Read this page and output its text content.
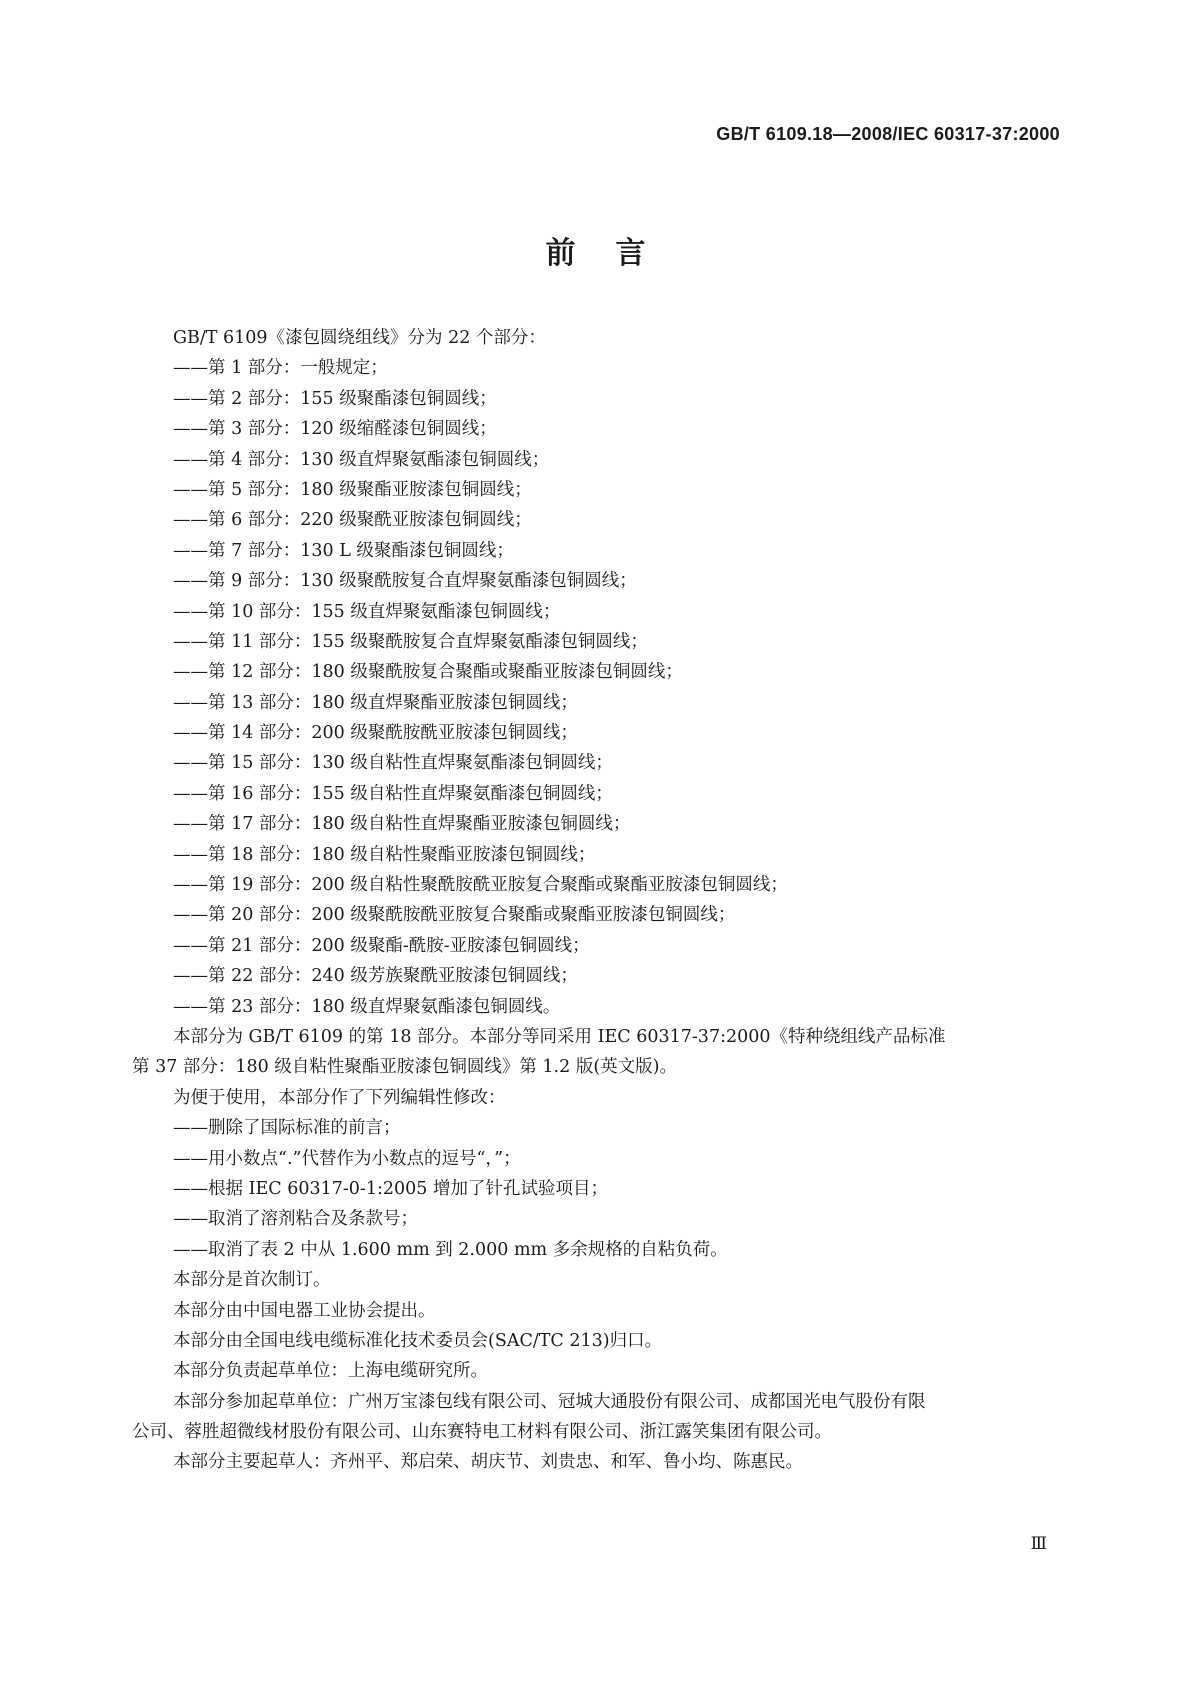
GB/T 6109.18—2008/IEC 60317-37:2000
前言
GB/T 6109《漆包圆绕组线》分为 22 个部分：
——第 1 部分：一般规定；
——第 2 部分：155 级聚酯漆包铜圆线；
——第 3 部分：120 级缩醛漆包铜圆线；
——第 4 部分：130 级直焊聚氨酯漆包铜圆线；
——第 5 部分：180 级聚酯亚胺漆包铜圆线；
——第 6 部分：220 级聚酰亚胺漆包铜圆线；
——第 7 部分：130 L 级聚酯漆包铜圆线；
——第 9 部分：130 级聚酰胺复合直焊聚氨酯漆包铜圆线；
——第 10 部分：155 级直焊聚氨酯漆包铜圆线；
——第 11 部分：155 级聚酰胺复合直焊聚氨酯漆包铜圆线；
——第 12 部分：180 级聚酰胺复合聚酯或聚酯亚胺漆包铜圆线；
——第 13 部分：180 级直焊聚酯亚胺漆包铜圆线；
——第 14 部分：200 级聚酰胺酰亚胺漆包铜圆线；
——第 15 部分：130 级自粘性直焊聚氨酯漆包铜圆线；
——第 16 部分：155 级自粘性直焊聚氨酯漆包铜圆线；
——第 17 部分：180 级自粘性直焊聚酯亚胺漆包铜圆线；
——第 18 部分：180 级自粘性聚酯亚胺漆包铜圆线；
——第 19 部分：200 级自粘性聚酰胺酰亚胺复合聚酯或聚酯亚胺漆包铜圆线；
——第 20 部分：200 级聚酰胺酰亚胺复合聚酯或聚酯亚胺漆包铜圆线；
——第 21 部分：200 级聚酯-酰胺-亚胺漆包铜圆线；
——第 22 部分：240 级芳族聚酰亚胺漆包铜圆线；
——第 23 部分：180 级直焊聚氨酯漆包铜圆线。
本部分为 GB/T 6109 的第 18 部分。本部分等同采用 IEC 60317-37:2000《特种绕组线产品标准
第 37 部分：180 级自粘性聚酯亚胺漆包铜圆线》第 1.2 版(英文版)。
为便于使用，本部分作了下列编辑性修改：
——删除了国际标准的前言；
——用小数点“.”代替作为小数点的逗号“，”；
——根据 IEC 60317-0-1:2005 增加了针孔试验项目；
——取消了溶剂粘合及条款号；
——取消了表 2 中从 1.600 mm 到 2.000 mm 多余规格的自粘负荷。
本部分是首次制订。
本部分由中国电器工业协会提出。
本部分由全国电线电缆标准化技术委员会(SAC/TC 213)归口。
本部分负责起草单位：上海电缆研究所。
本部分参加起草单位：广州万宝漆包线有限公司、冠城大通股份有限公司、成都国光电气股份有限
公司、蓉胜超微线材股份有限公司、山东赛特电工材料有限公司、浙江露笑集团有限公司。
本部分主要起草人：齐州平、郑启荣、胡庆节、刘贵忠、和军、鲁小均、陈惠民。
Ⅲ
